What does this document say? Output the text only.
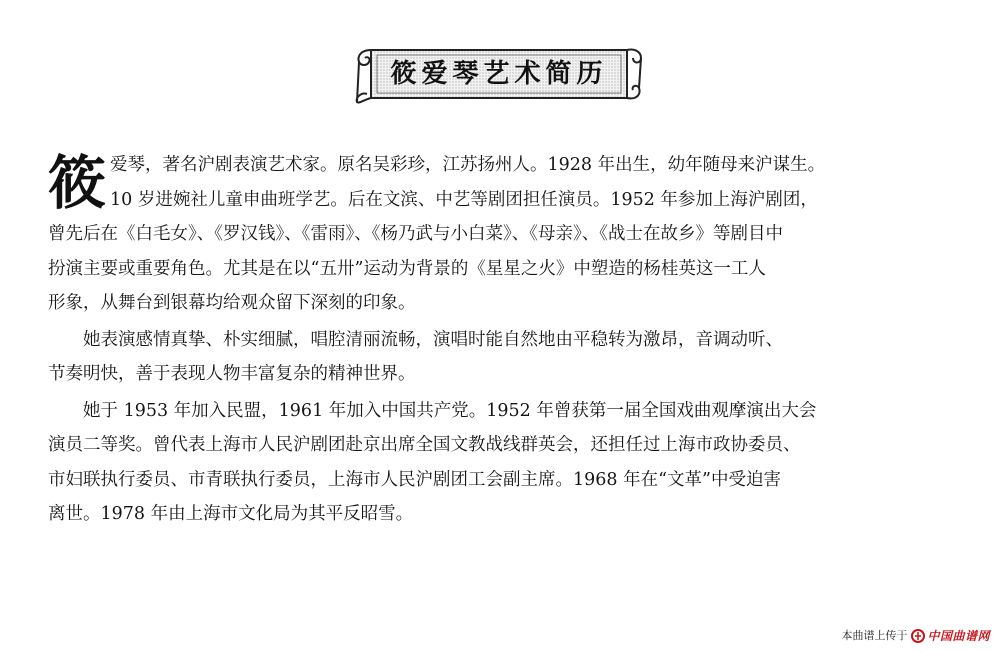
筱爱琴艺术简历
筱 爱琴，著名沪剧表演艺术家。原名吴彩珍，江苏扬州人。1928 年出生，幼年随母来沪谋生。
10 岁进婉社儿童申曲班学艺。后在文滨、中艺等剧团担任演员。1952 年参加上海沪剧团，
曾先后在《白毛女》、《罗汉钱》、《雷雨》、《杨乃武与小白菜》、《母亲》、《战士在故乡》等剧目中
扮演主要或重要角色。尤其是在以“五卅”运动为背景的《星星之火》中塑造的杨桂英这一工人
形象，从舞台到银幕均给观众留下深刻的印象。

她表演感情真挚、朴实细腻，唱腔清丽流畅，演唱时能自然地由平稳转为激昂，音调动听、
节奏明快，善于表现人物丰富复杂的精神世界。

她于 1953 年加入民盟，1961 年加入中国共产党。1952 年曾获第一届全国戏曲观摩演出大会
演员二等奖。曾代表上海市人民沪剧团赴京出席全国文教战线群英会，还担任过上海市政协委员、
市妇联执行委员、市青联执行委员，上海市人民沪剧团工会副主席。1968 年在“文革”中受迫害
离世。1978 年由上海市文化局为其平反昭雪。

本曲谱上传于 中国曲谱网
